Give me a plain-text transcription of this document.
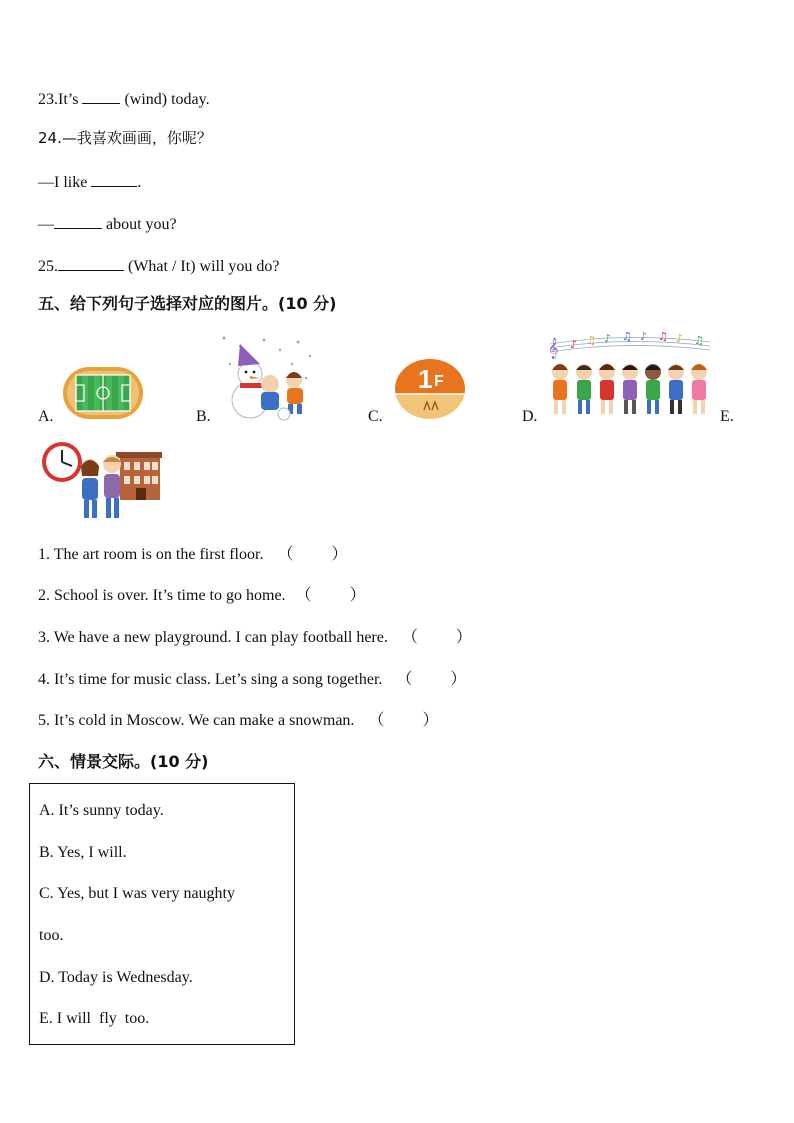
23.It’s  (wind) today.
24.—我喜欢画画，你呢？
—I like	.
—	about you?
25.	(What / It) will you do?
五、给下列句子选择对应的图片。(10 分)
A.	B.	C.	D.	E.
1 F
𝄞 ♪ ♫ ♪ ♫ ♪ ♫ ♪ ♫
1. The art room is on the first floor. （ ）
2. School is over. It’s time to go home. （ ）
3. We have a new playground. I can play football here. （ ）
4. It’s time for music class. Let’s sing a song together. （ ）
5. It’s cold in Moscow. We can make a snowman. （ ）
六、情景交际。(10 分)
A. It’s sunny today.
B. Yes, I will.
C. Yes, but I was very naughty
too.
D. Today is Wednesday.
E. I will  fly  too.
